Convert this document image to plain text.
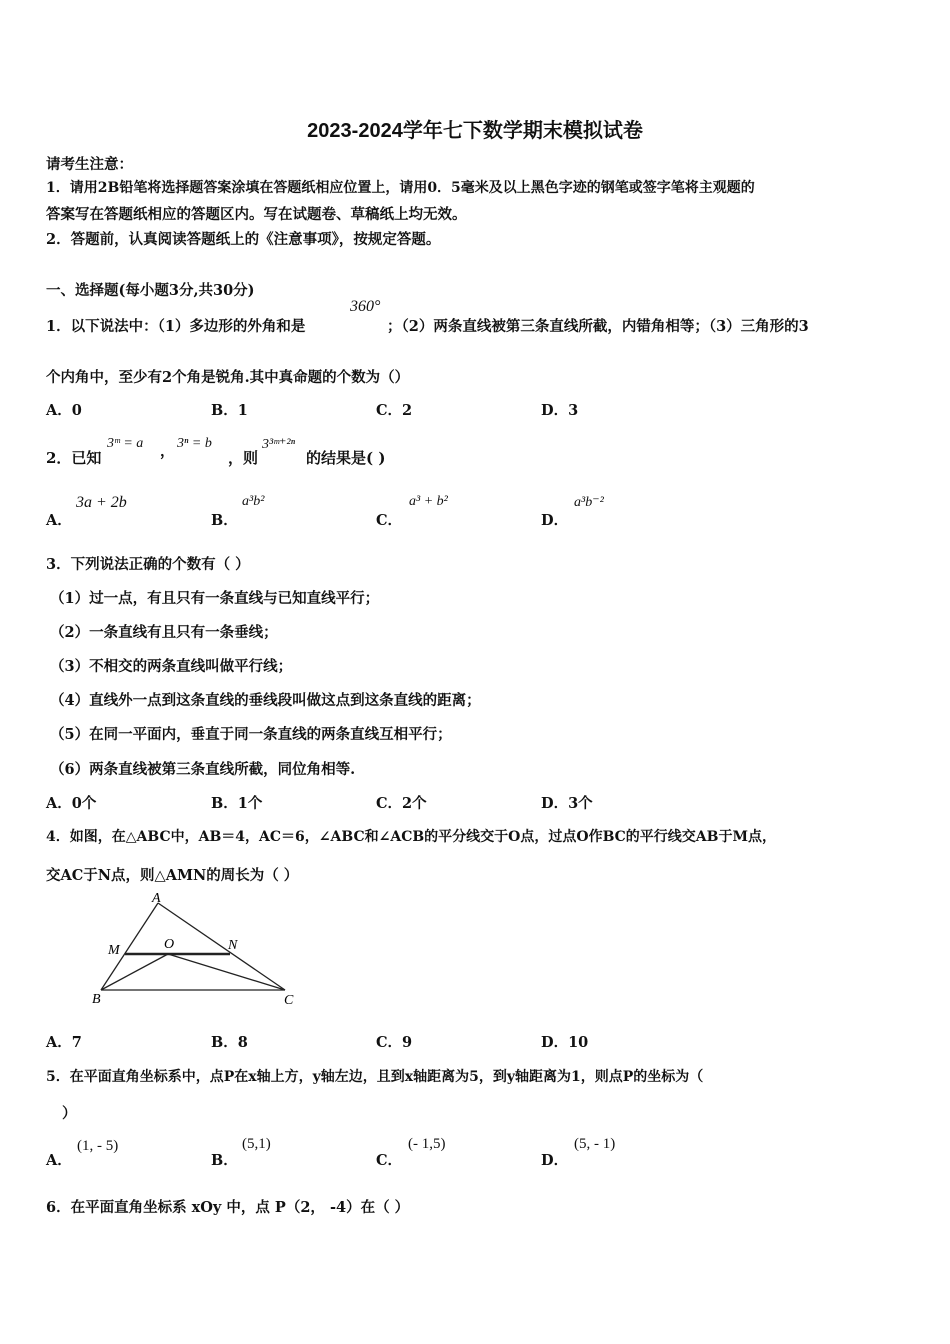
2023-2024学年七下数学期末模拟试卷
请考生注意：
1．请用2B铅笔将选择题答案涂填在答题纸相应位置上，请用0．5毫米及以上黑色字迹的钢笔或签字笔将主观题的
答案写在答题纸相应的答题区内。写在试题卷、草稿纸上均无效。
2．答题前，认真阅读答题纸上的《注意事项》，按规定答题。
一、选择题(每小题3分,共30分)
1．以下说法中：（1）多边形的外角和是
360°
；（2）两条直线被第三条直线所截，内错角相等；（3）三角形的3
个内角中，至少有2个角是锐角.其中真命题的个数为（）
A．0	B．1	C．2	D．3
2．已知
3ᵐ = a ， 3ⁿ = b
，则
3³ᵐ⁺²ⁿ
的结果是( )
A．
3a + 2b
B．
a³b²
C．
a³ + b²
D．
a³b⁻²
3．下列说法正确的个数有（ ）
（1）过一点，有且只有一条直线与已知直线平行；
（2）一条直线有且只有一条垂线；
（3）不相交的两条直线叫做平行线；
（4）直线外一点到这条直线的垂线段叫做这点到这条直线的距离；
（5）在同一平面内，垂直于同一条直线的两条直线互相平行；
（6）两条直线被第三条直线所截，同位角相等.
A．0个	B．1个	C．2个	D．3个
4．如图，在△ABC中，AB＝4，AC＝6，∠ABC和∠ACB的平分线交于O点，过点O作BC的平行线交AB于M点，
交AC于N点，则△AMN的周长为（ ）
A
M	O	N
B	C
A．7	B．8	C．9	D．10
5．在平面直角坐标系中，点P在x轴上方，y轴左边，且到x轴距离为5，到y轴距离为1，则点P的坐标为（
）
A．
(1, - 5)
B．
(5,1)
C．
(- 1,5)
D．
(5, - 1)
6．在平面直角坐标系 xOy 中，点 P（2， -4）在（ ）
